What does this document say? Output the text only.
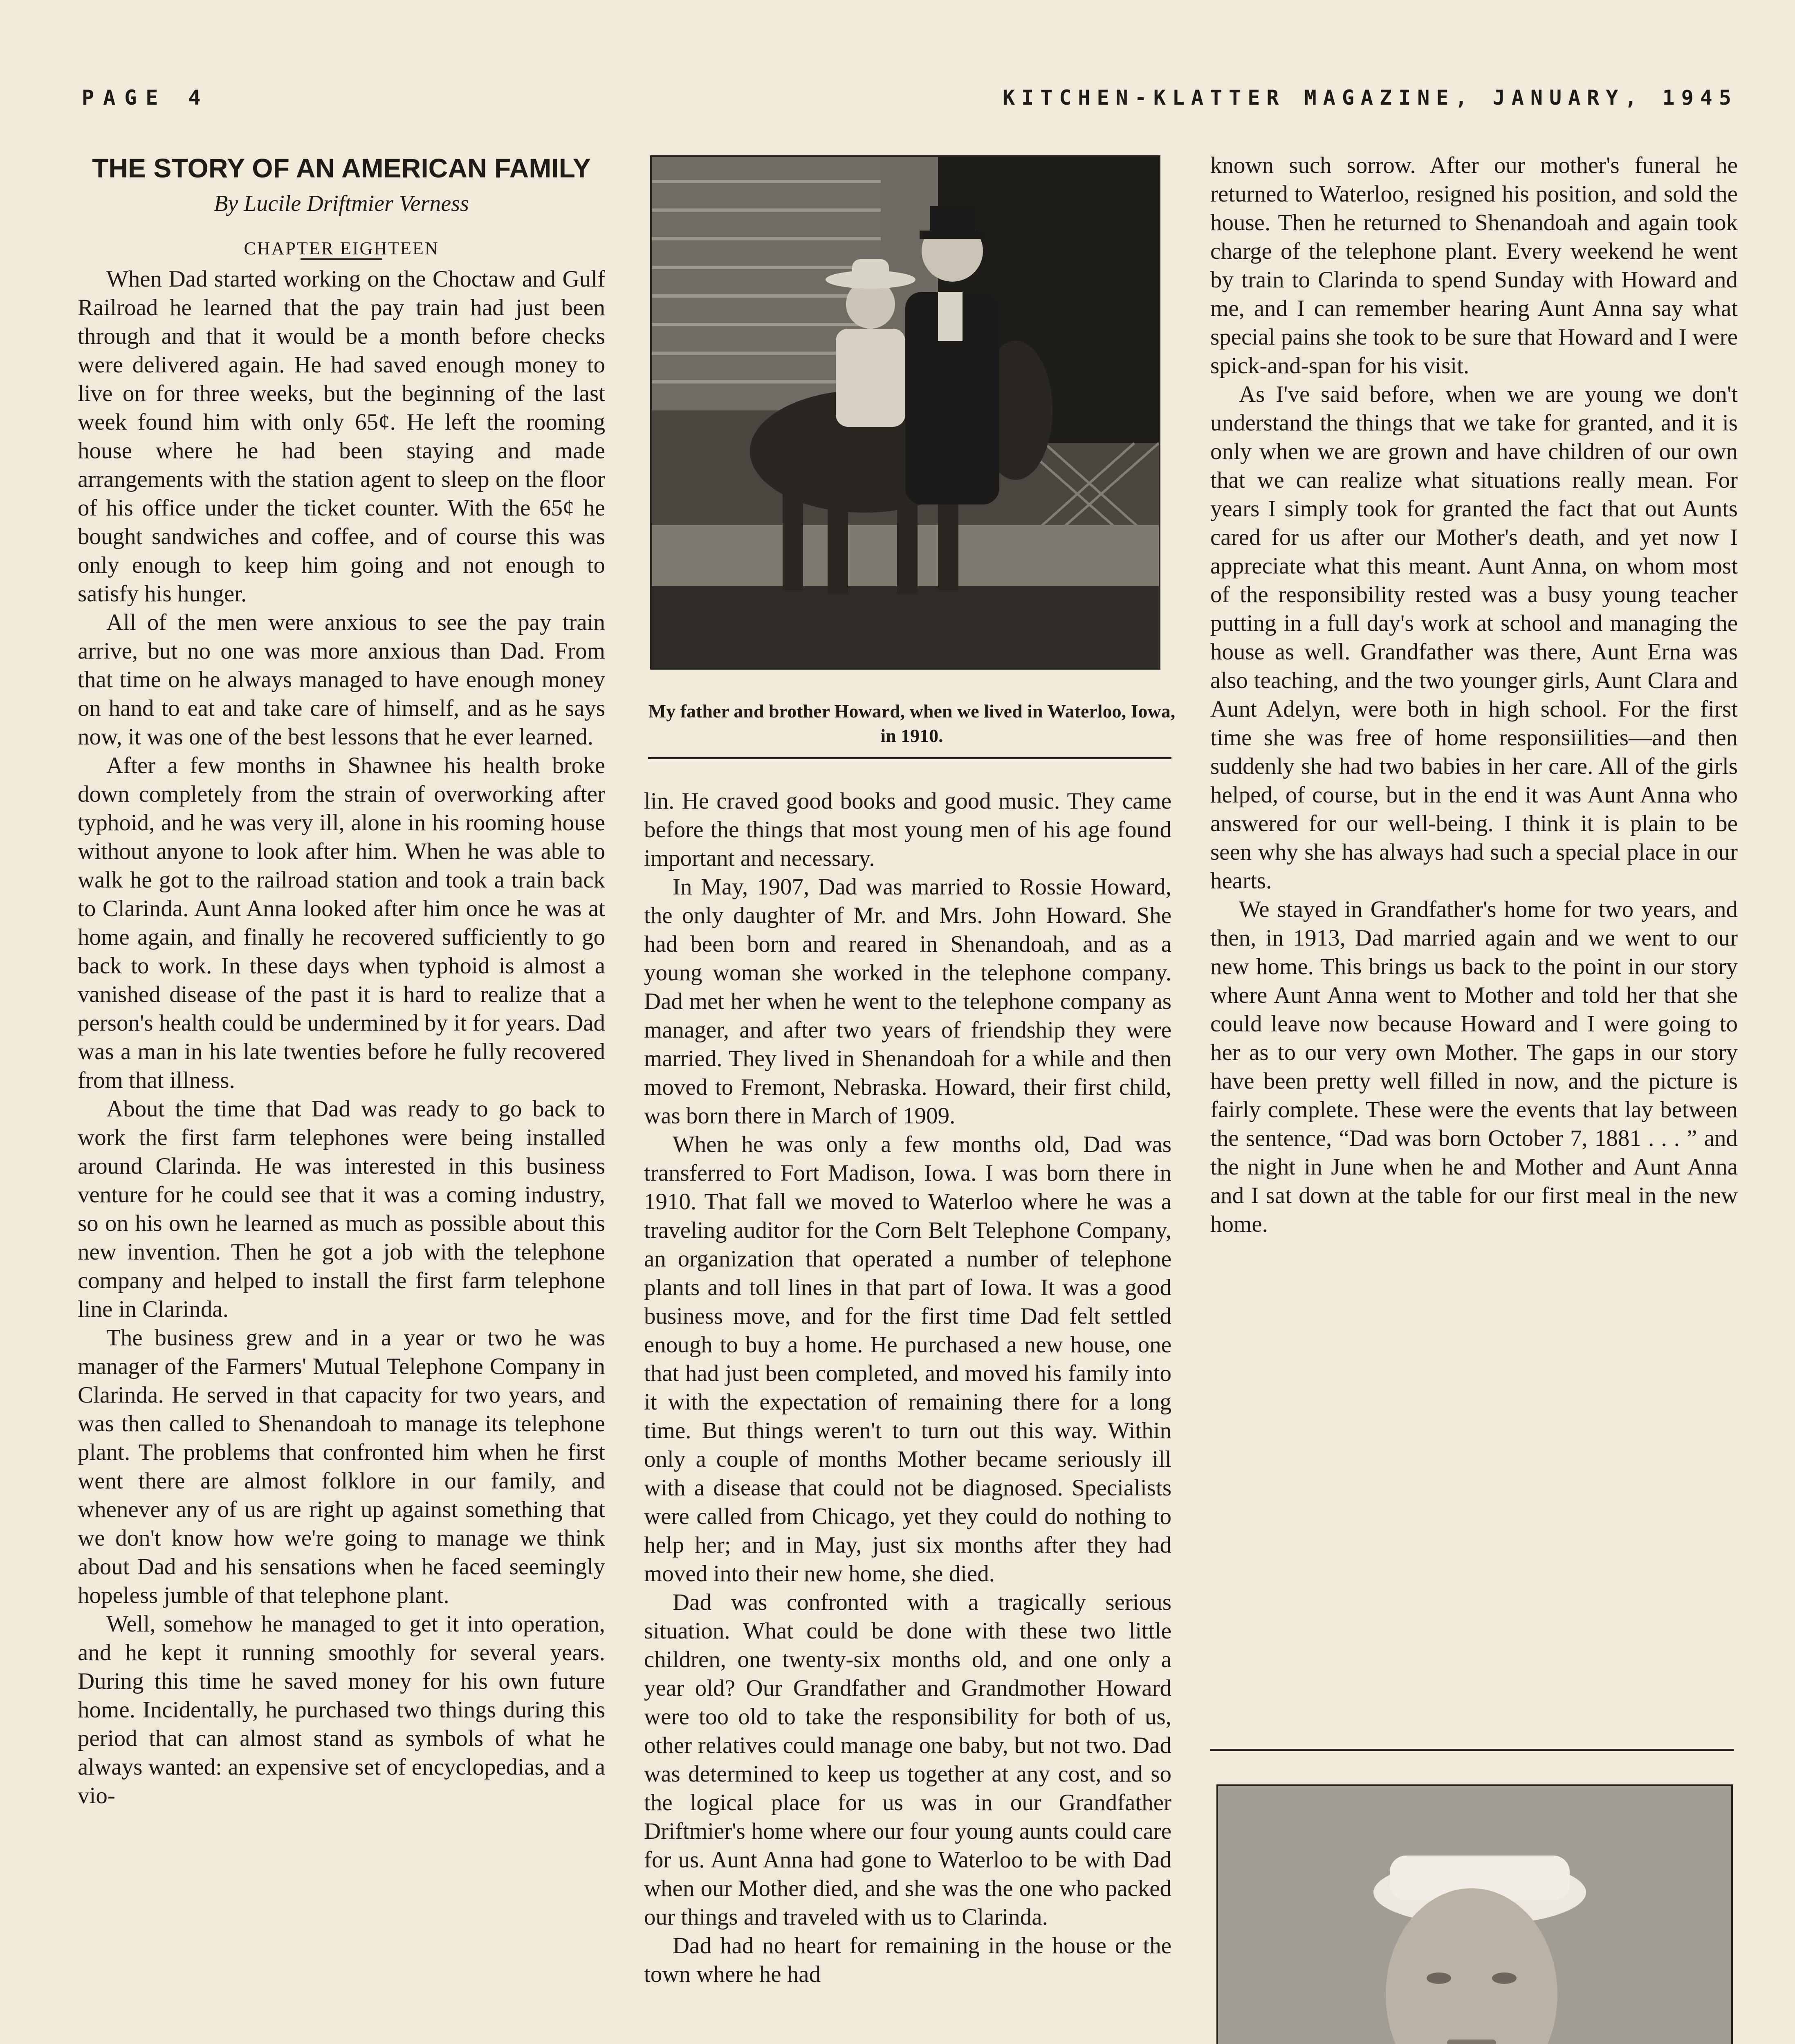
PAGE 4	KITCHEN-KLATTER MAGAZINE, JANUARY, 1945
THE STORY OF AN AMERICAN FAMILY
By Lucile Driftmier Verness
CHAPTER EIGHTEEN

When Dad started working on the Choctaw and Gulf Railroad he learned that the pay train had just been through and that it would be a month before checks were delivered again. He had saved enough money to live on for three weeks, but the beginning of the last week found him with only 65¢. He left the rooming house where he had been staying and made arrangements with the station agent to sleep on the floor of his office under the ticket counter. With the 65¢ he bought sandwiches and coffee, and of course this was only enough to keep him going and not enough to satisfy his hunger.

All of the men were anxious to see the pay train arrive, but no one was more anxious than Dad. From that time on he always managed to have enough money on hand to eat and take care of himself, and as he says now, it was one of the best lessons that he ever learned.

After a few months in Shawnee his health broke down completely from the strain of overworking after typhoid, and he was very ill, alone in his rooming house without anyone to look after him. When he was able to walk he got to the railroad station and took a train back to Clarinda. Aunt Anna looked after him once he was at home again, and finally he recovered sufficiently to go back to work. In these days when typhoid is almost a vanished disease of the past it is hard to realize that a person's health could be undermined by it for years. Dad was a man in his late twenties before he fully recovered from that illness.

About the time that Dad was ready to go back to work the first farm telephones were being installed around Clarinda. He was interested in this business venture for he could see that it was a coming industry, so on his own he learned as much as possible about this new invention. Then he got a job with the telephone company and helped to install the first farm telephone line in Clarinda.

The business grew and in a year or two he was manager of the Farmers' Mutual Telephone Company in Clarinda. He served in that capacity for two years, and was then called to Shenandoah to manage its telephone plant. The problems that confronted him when he first went there are almost folklore in our family, and whenever any of us are right up against something that we don't know how we're going to manage we think about Dad and his sensations when he faced seemingly hopeless jumble of that telephone plant.

Well, somehow he managed to get it into operation, and he kept it running smoothly for several years. During this time he saved money for his own future home. Incidentally, he purchased two things during this period that can almost stand as symbols of what he always wanted: an expensive set of encyclopedias, and a vio-

My father and brother Howard, when we lived in Waterloo, Iowa, in 1910.

lin. He craved good books and good music. They came before the things that most young men of his age found important and necessary.

In May, 1907, Dad was married to Rossie Howard, the only daughter of Mr. and Mrs. John Howard. She had been born and reared in Shenandoah, and as a young woman she worked in the telephone company. Dad met her when he went to the telephone company as manager, and after two years of friendship they were married. They lived in Shenandoah for a while and then moved to Fremont, Nebraska. Howard, their first child, was born there in March of 1909.

When he was only a few months old, Dad was transferred to Fort Madison, Iowa. I was born there in 1910. That fall we moved to Waterloo where he was a traveling auditor for the Corn Belt Telephone Company, an organization that operated a number of telephone plants and toll lines in that part of Iowa. It was a good business move, and for the first time Dad felt settled enough to buy a home. He purchased a new house, one that had just been completed, and moved his family into it with the expectation of remaining there for a long time. But things weren't to turn out this way. Within only a couple of months Mother became seriously ill with a disease that could not be diagnosed. Specialists were called from Chicago, yet they could do nothing to help her; and in May, just six months after they had moved into their new home, she died.

Dad was confronted with a tragically serious situation. What could be done with these two little children, one twenty-six months old, and one only a year old? Our Grandfather and Grandmother Howard were too old to take the responsibility for both of us, other relatives could manage one baby, but not two. Dad was determined to keep us together at any cost, and so the logical place for us was in our Grandfather Driftmier's home where our four young aunts could care for us. Aunt Anna had gone to Waterloo to be with Dad when our Mother died, and she was the one who packed our things and traveled with us to Clarinda.

Dad had no heart for remaining in the house or the town where he had

known such sorrow. After our mother's funeral he returned to Waterloo, resigned his position, and sold the house. Then he returned to Shenandoah and again took charge of the telephone plant. Every weekend he went by train to Clarinda to spend Sunday with Howard and me, and I can remember hearing Aunt Anna say what special pains she took to be sure that Howard and I were spick-and-span for his visit.

As I've said before, when we are young we don't understand the things that we take for granted, and it is only when we are grown and have children of our own that we can realize what situations really mean. For years I simply took for granted the fact that out Aunts cared for us after our Mother's death, and yet now I appreciate what this meant. Aunt Anna, on whom most of the responsibility rested was a busy young teacher putting in a full day's work at school and managing the house as well. Grandfather was there, Aunt Erna was also teaching, and the two younger girls, Aunt Clara and Aunt Adelyn, were both in high school. For the first time she was free of home responsiilities—and then suddenly she had two babies in her care. All of the girls helped, of course, but in the end it was Aunt Anna who answered for our well-being. I think it is plain to be seen why she has always had such a special place in our hearts.

We stayed in Grandfather's home for two years, and then, in 1913, Dad married again and we went to our new home. This brings us back to the point in our story where Aunt Anna went to Mother and told her that she could leave now because Howard and I were going to her as to our very own Mother. The gaps in our story have been pretty well filled in now, and the picture is fairly complete. These were the events that lay between the sentence, “Dad was born October 7, 1881 . . . ” and the night in June when he and Mother and Aunt Anna and I sat down at the table for our first meal in the new home.
